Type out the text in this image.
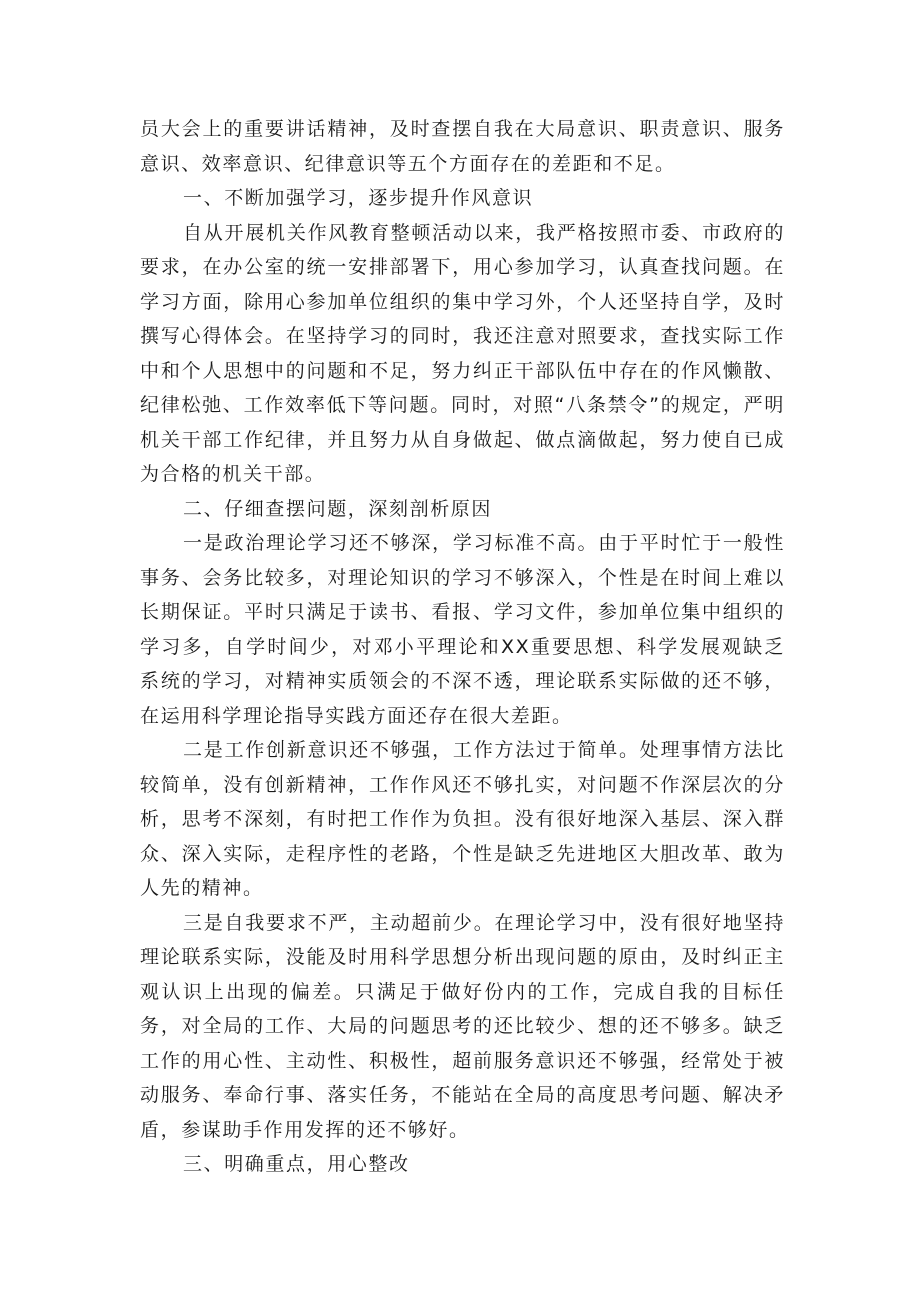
员大会上的重要讲话精神，及时查摆自我在大局意识、职责意识、服务意识、效率意识、纪律意识等五个方面存在的差距和不足。

一、不断加强学习，逐步提升作风意识

自从开展机关作风教育整顿活动以来，我严格按照市委、市政府的要求，在办公室的统一安排部署下，用心参加学习，认真查找问题。在学习方面，除用心参加单位组织的集中学习外，个人还坚持自学，及时撰写心得体会。在坚持学习的同时，我还注意对照要求，查找实际工作中和个人思想中的问题和不足，努力纠正干部队伍中存在的作风懒散、纪律松弛、工作效率低下等问题。同时，对照“八条禁令”的规定，严明机关干部工作纪律，并且努力从自身做起、做点滴做起，努力使自已成为合格的机关干部。

二、仔细查摆问题，深刻剖析原因

一是政治理论学习还不够深，学习标准不高。由于平时忙于一般性事务、会务比较多，对理论知识的学习不够深入，个性是在时间上难以长期保证。平时只满足于读书、看报、学习文件，参加单位集中组织的学习多，自学时间少，对邓小平理论和XX重要思想、科学发展观缺乏系统的学习，对精神实质领会的不深不透，理论联系实际做的还不够，在运用科学理论指导实践方面还存在很大差距。

二是工作创新意识还不够强，工作方法过于简单。处理事情方法比较简单，没有创新精神，工作作风还不够扎实，对问题不作深层次的分析，思考不深刻，有时把工作作为负担。没有很好地深入基层、深入群众、深入实际，走程序性的老路，个性是缺乏先进地区大胆改革、敢为人先的精神。

三是自我要求不严，主动超前少。在理论学习中，没有很好地坚持理论联系实际，没能及时用科学思想分析出现问题的原由，及时纠正主观认识上出现的偏差。只满足于做好份内的工作，完成自我的目标任务，对全局的工作、大局的问题思考的还比较少、想的还不够多。缺乏工作的用心性、主动性、积极性，超前服务意识还不够强，经常处于被动服务、奉命行事、落实任务，不能站在全局的高度思考问题、解决矛盾，参谋助手作用发挥的还不够好。

三、明确重点，用心整改
